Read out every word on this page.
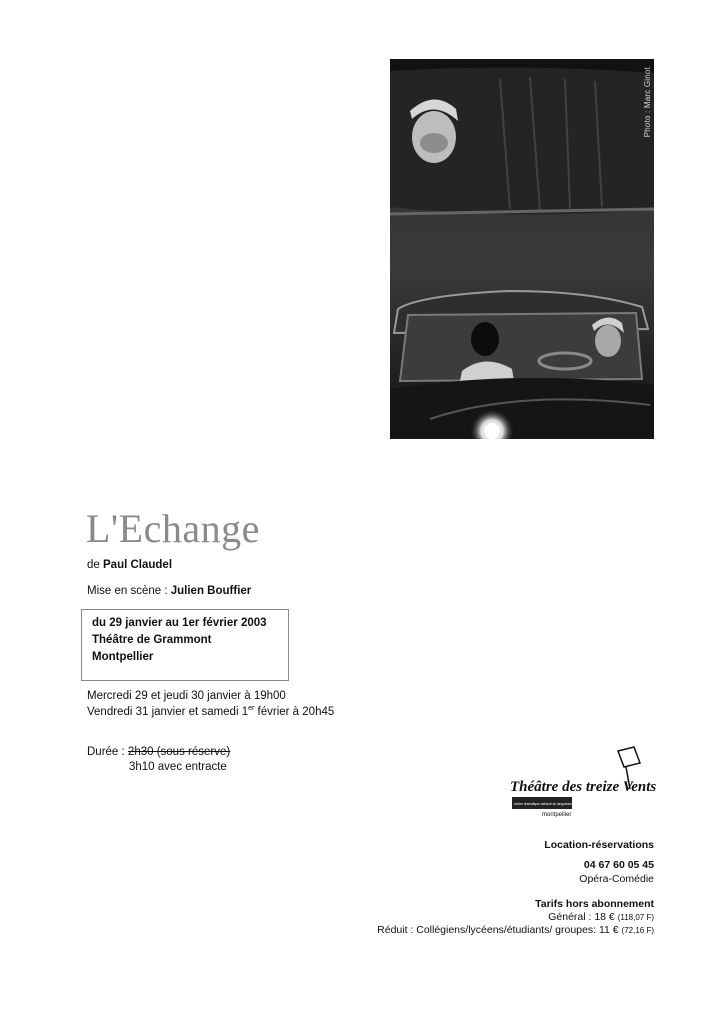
Photo : Marc Ginot
L'Echange
de Paul Claudel
Mise en scène : Julien Bouffier
du 29 janvier au 1er février 2003
Théâtre de Grammont
Montpellier
Mercredi 29 et jeudi 30 janvier à 19h00
Vendredi 31 janvier et samedi 1er février à 20h45
Durée : 2h30 (sous réserve)
3h10 avec entracte
Théâtre des treize Vents
centre dramatique national du languedoc-roussillon
montpellier
Location-réservations
04 67 60 05 45
Opéra-Comédie
Tarifs hors abonnement
Général : 18 € (118,07 F)
Réduit : Collégiens/lycéens/étudiants/ groupes: 11 € (72,16 F)
